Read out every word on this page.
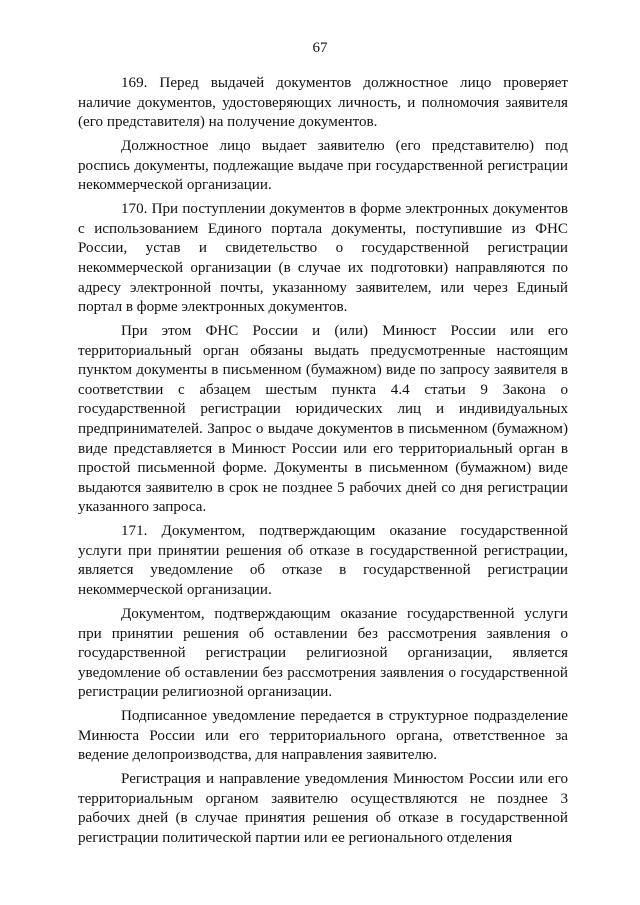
67

169. Перед выдачей документов должностное лицо проверяет наличие документов, удостоверяющих личность, и полномочия заявителя (его представителя) на получение документов.

Должностное лицо выдает заявителю (его представителю) под роспись документы, подлежащие выдаче при государственной регистрации некоммерческой организации.

170. При поступлении документов в форме электронных документов с использованием Единого портала документы, поступившие из ФНС России, устав и свидетельство о государственной регистрации некоммерческой организации (в случае их подготовки) направляются по адресу электронной почты, указанному заявителем, или через Единый портал в форме электронных документов.

При этом ФНС России и (или) Минюст России или его территориальный орган обязаны выдать предусмотренные настоящим пунктом документы в письменном (бумажном) виде по запросу заявителя в соответствии с абзацем шестым пункта 4.4 статьи 9 Закона о государственной регистрации юридических лиц и индивидуальных предпринимателей. Запрос о выдаче документов в письменном (бумажном) виде представляется в Минюст России или его территориальный орган в простой письменной форме. Документы в письменном (бумажном) виде выдаются заявителю в срок не позднее 5 рабочих дней со дня регистрации указанного запроса.

171. Документом, подтверждающим оказание государственной услуги при принятии решения об отказе в государственной регистрации, является уведомление об отказе в государственной регистрации некоммерческой организации.

Документом, подтверждающим оказание государственной услуги при принятии решения об оставлении без рассмотрения заявления о государственной регистрации религиозной организации, является уведомление об оставлении без рассмотрения заявления о государственной регистрации религиозной организации.

Подписанное уведомление передается в структурное подразделение Минюста России или его территориального органа, ответственное за ведение делопроизводства, для направления заявителю.

Регистрация и направление уведомления Минюстом России или его территориальным органом заявителю осуществляются не позднее 3 рабочих дней (в случае принятия решения об отказе в государственной регистрации политической партии или ее регионального отделения
